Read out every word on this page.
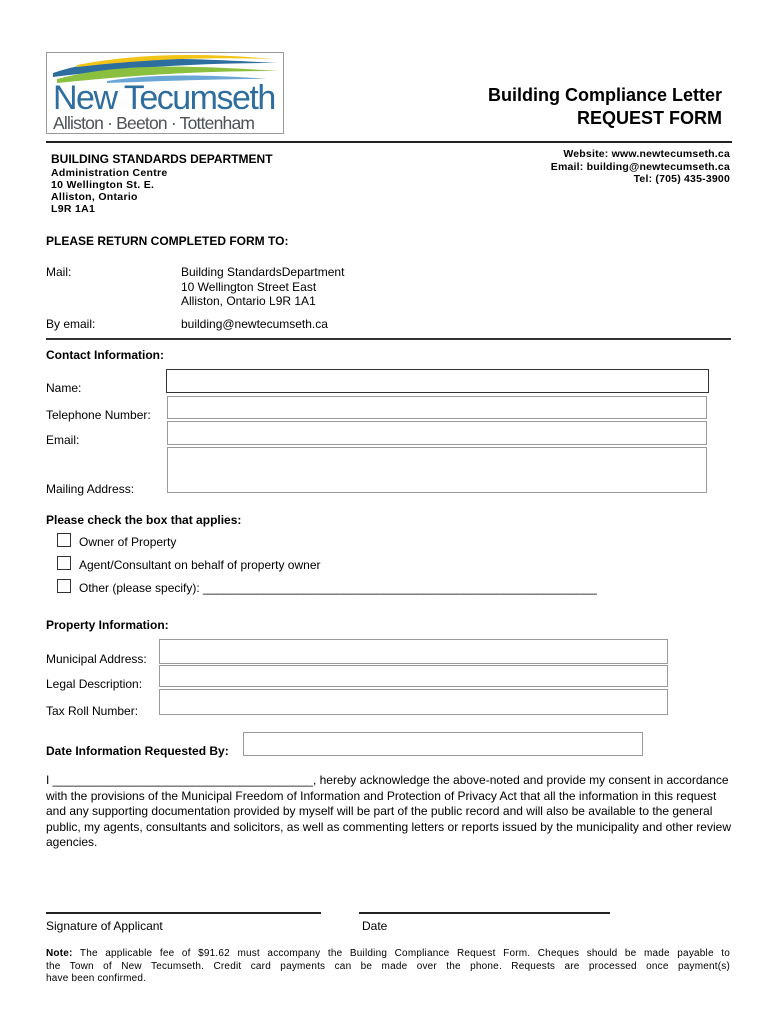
New Tecumseth
Alliston · Beeton · Tottenham
Building Compliance Letter
REQUEST FORM
BUILDING STANDARDS DEPARTMENT
Administration Centre
10 Wellington St. E.
Alliston, Ontario
L9R 1A1
Website: www.newtecumseth.ca
Email: building@newtecumseth.ca
Tel: (705) 435-3900
PLEASE RETURN COMPLETED FORM TO:
Mail:	Building StandardsDepartment
10 Wellington Street East
Alliston, Ontario L9R 1A1
By email:	building@newtecumseth.ca
Contact Information:
Name:
Telephone Number:
Email:
Mailing Address:
Please check the box that applies:
Owner of Property
Agent/Consultant on behalf of property owner
Other (please specify): ___________________________________________________________
Property Information:
Municipal Address:
Legal Description:
Tax Roll Number:
Date Information Requested By:
I _______________________________________, hereby acknowledge the above-noted and provide my consent in accordance with the provisions of the Municipal Freedom of Information and Protection of Privacy Act that all the information in this request and any supporting documentation provided by myself will be part of the public record and will also be available to the general public, my agents, consultants and solicitors, as well as commenting letters or reports issued by the municipality and other review agencies.
Signature of Applicant	Date
Note: The applicable fee of $91.62 must accompany the Building Compliance Request Form. Cheques should be made payable to
the Town of New Tecumseth. Credit card payments can be made over the phone. Requests are processed once payment(s)
have been confirmed.
